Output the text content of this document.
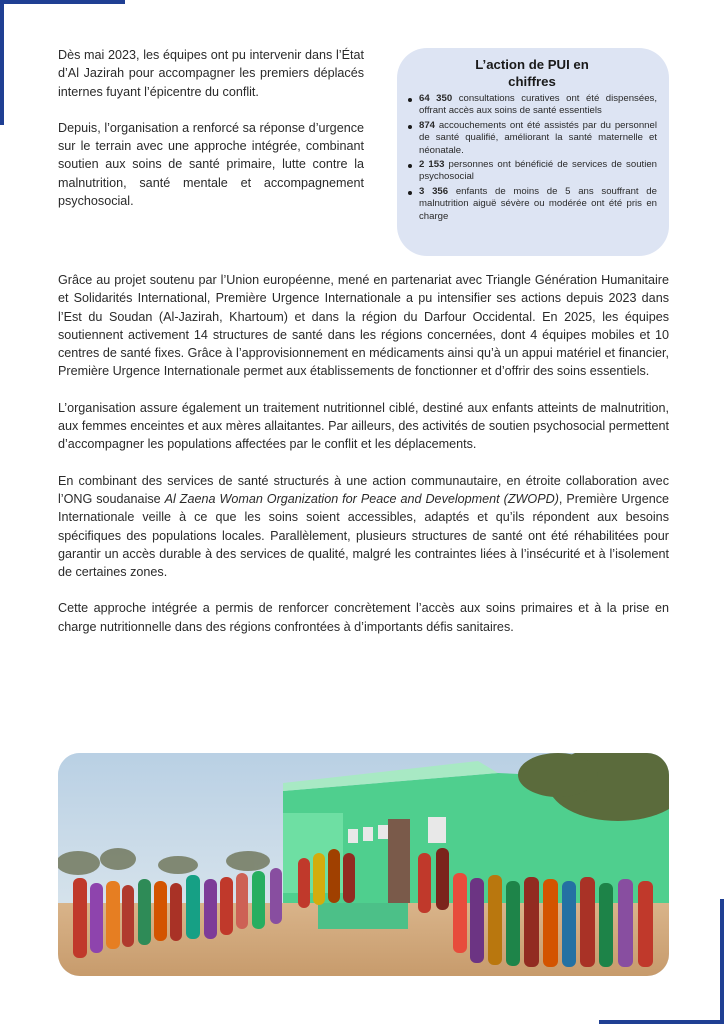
Dès mai 2023, les équipes ont pu intervenir dans l’État d’Al Jazirah pour accompagner les premiers déplacés internes fuyant l’épicentre du conflit.

Depuis, l’organisation a renforcé sa réponse d’urgence sur le terrain avec une approche intégrée, combinant soutien aux soins de santé primaire, lutte contre la malnutrition, santé mentale et accompagnement psychosocial.

L’action de PUI en
chiffres
64 350 consultations curatives ont été dispensées, offrant accès aux soins de santé essentiels
874 accouchements ont été assistés par du personnel de santé qualifié, améliorant la santé maternelle et néonatale.
2 153 personnes ont bénéficié de services de soutien psychosocial
3 356 enfants de moins de 5 ans souffrant de malnutrition aiguë sévère ou modérée ont été pris en charge

Grâce au projet soutenu par l’Union européenne, mené en partenariat avec Triangle Génération Humanitaire et Solidarités International, Première Urgence Internationale a pu intensifier ses actions depuis 2023 dans l’Est du Soudan (Al-Jazirah, Khartoum) et dans la région du Darfour Occidental. En 2025, les équipes soutiennent activement 14 structures de santé dans les régions concernées, dont 4 équipes mobiles et 10 centres de santé fixes. Grâce à l’approvisionnement en médicaments ainsi qu’à un appui matériel et financier, Première Urgence Internationale permet aux établissements de fonctionner et d’offrir des soins essentiels.

L’organisation assure également un traitement nutritionnel ciblé, destiné aux enfants atteints de malnutrition, aux femmes enceintes et aux mères allaitantes. Par ailleurs, des activités de soutien psychosocial permettent d’accompagner les populations affectées par le conflit et les déplacements.

En combinant des services de santé structurés à une action communautaire, en étroite collaboration avec l’ONG soudanaise Al Zaena Woman Organization for Peace and Development (ZWOPD), Première Urgence Internationale veille à ce que les soins soient accessibles, adaptés et qu’ils répondent aux besoins spécifiques des populations locales. Parallèlement, plusieurs structures de santé ont été réhabilitées pour garantir un accès durable à des services de qualité, malgré les contraintes liées à l’insécurité et à l’isolement de certaines zones.

Cette approche intégrée a permis de renforcer concrètement l’accès aux soins primaires et à la prise en charge nutritionnelle dans des régions confrontées à d’importants défis sanitaires.
